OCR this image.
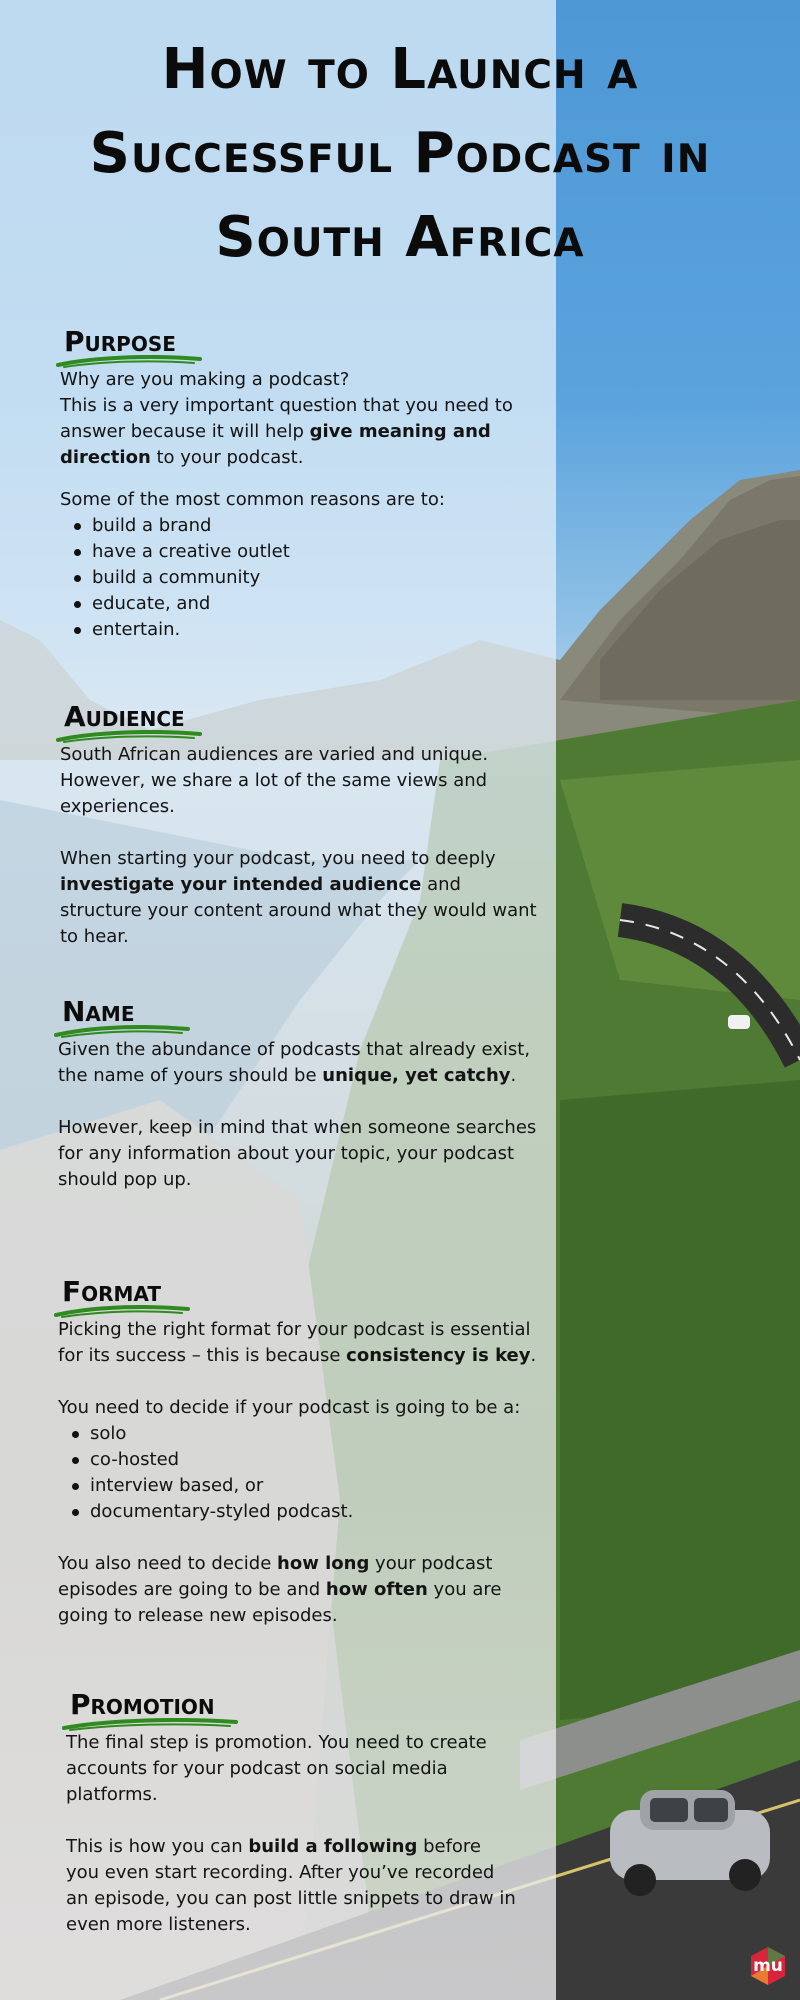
How to Launch a
Successful Podcast in
South Africa
Purpose
Why are you making a podcast?
This is a very important question that you need to answer because it will help give meaning and direction to your podcast.
Some of the most common reasons are to:
build a brand
have a creative outlet
build a community
educate, and
entertain.
Audience
South African audiences are varied and unique. However, we share a lot of the same views and experiences.
When starting your podcast, you need to deeply investigate your intended audience and structure your content around what they would want to hear.
Name
Given the abundance of podcasts that already exist, the name of yours should be unique, yet catchy.
However, keep in mind that when someone searches for any information about your topic, your podcast should pop up.
Format
Picking the right format for your podcast is essential for its success – this is because consistency is key.
You need to decide if your podcast is going to be a:
solo
co-hosted
interview based, or
documentary-styled podcast.
You also need to decide how long your podcast episodes are going to be and how often you are going to release new episodes.
Promotion
The final step is promotion. You need to create accounts for your podcast on social media platforms.
This is how you can build a following before you even start recording. After you’ve recorded an episode, you can post little snippets to draw in even more listeners.
mu
